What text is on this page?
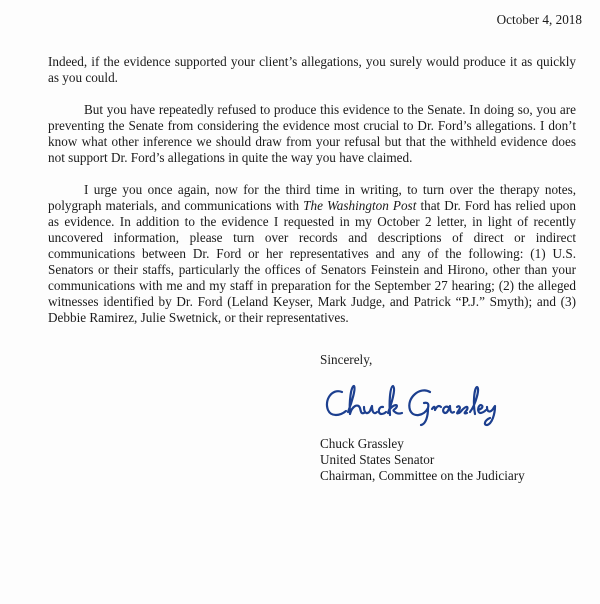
October 4, 2018

Indeed, if the evidence supported your client’s allegations, you surely would produce it as quickly as you could.

But you have repeatedly refused to produce this evidence to the Senate. In doing so, you are preventing the Senate from considering the evidence most crucial to Dr. Ford’s allegations. I don’t know what other inference we should draw from your refusal but that the withheld evidence does not support Dr. Ford’s allegations in quite the way you have claimed.

I urge you once again, now for the third time in writing, to turn over the therapy notes, polygraph materials, and communications with The Washington Post that Dr. Ford has relied upon as evidence. In addition to the evidence I requested in my October 2 letter, in light of recently uncovered information, please turn over records and descriptions of direct or indirect communications between Dr. Ford or her representatives and any of the following: (1) U.S. Senators or their staffs, particularly the offices of Senators Feinstein and Hirono, other than your communications with me and my staff in preparation for the September 27 hearing; (2) the alleged witnesses identified by Dr. Ford (Leland Keyser, Mark Judge, and Patrick “P.J.” Smyth); and (3) Debbie Ramirez, Julie Swetnick, or their representatives.

Sincerely,
Chuck Grassley
United States Senator
Chairman, Committee on the Judiciary
